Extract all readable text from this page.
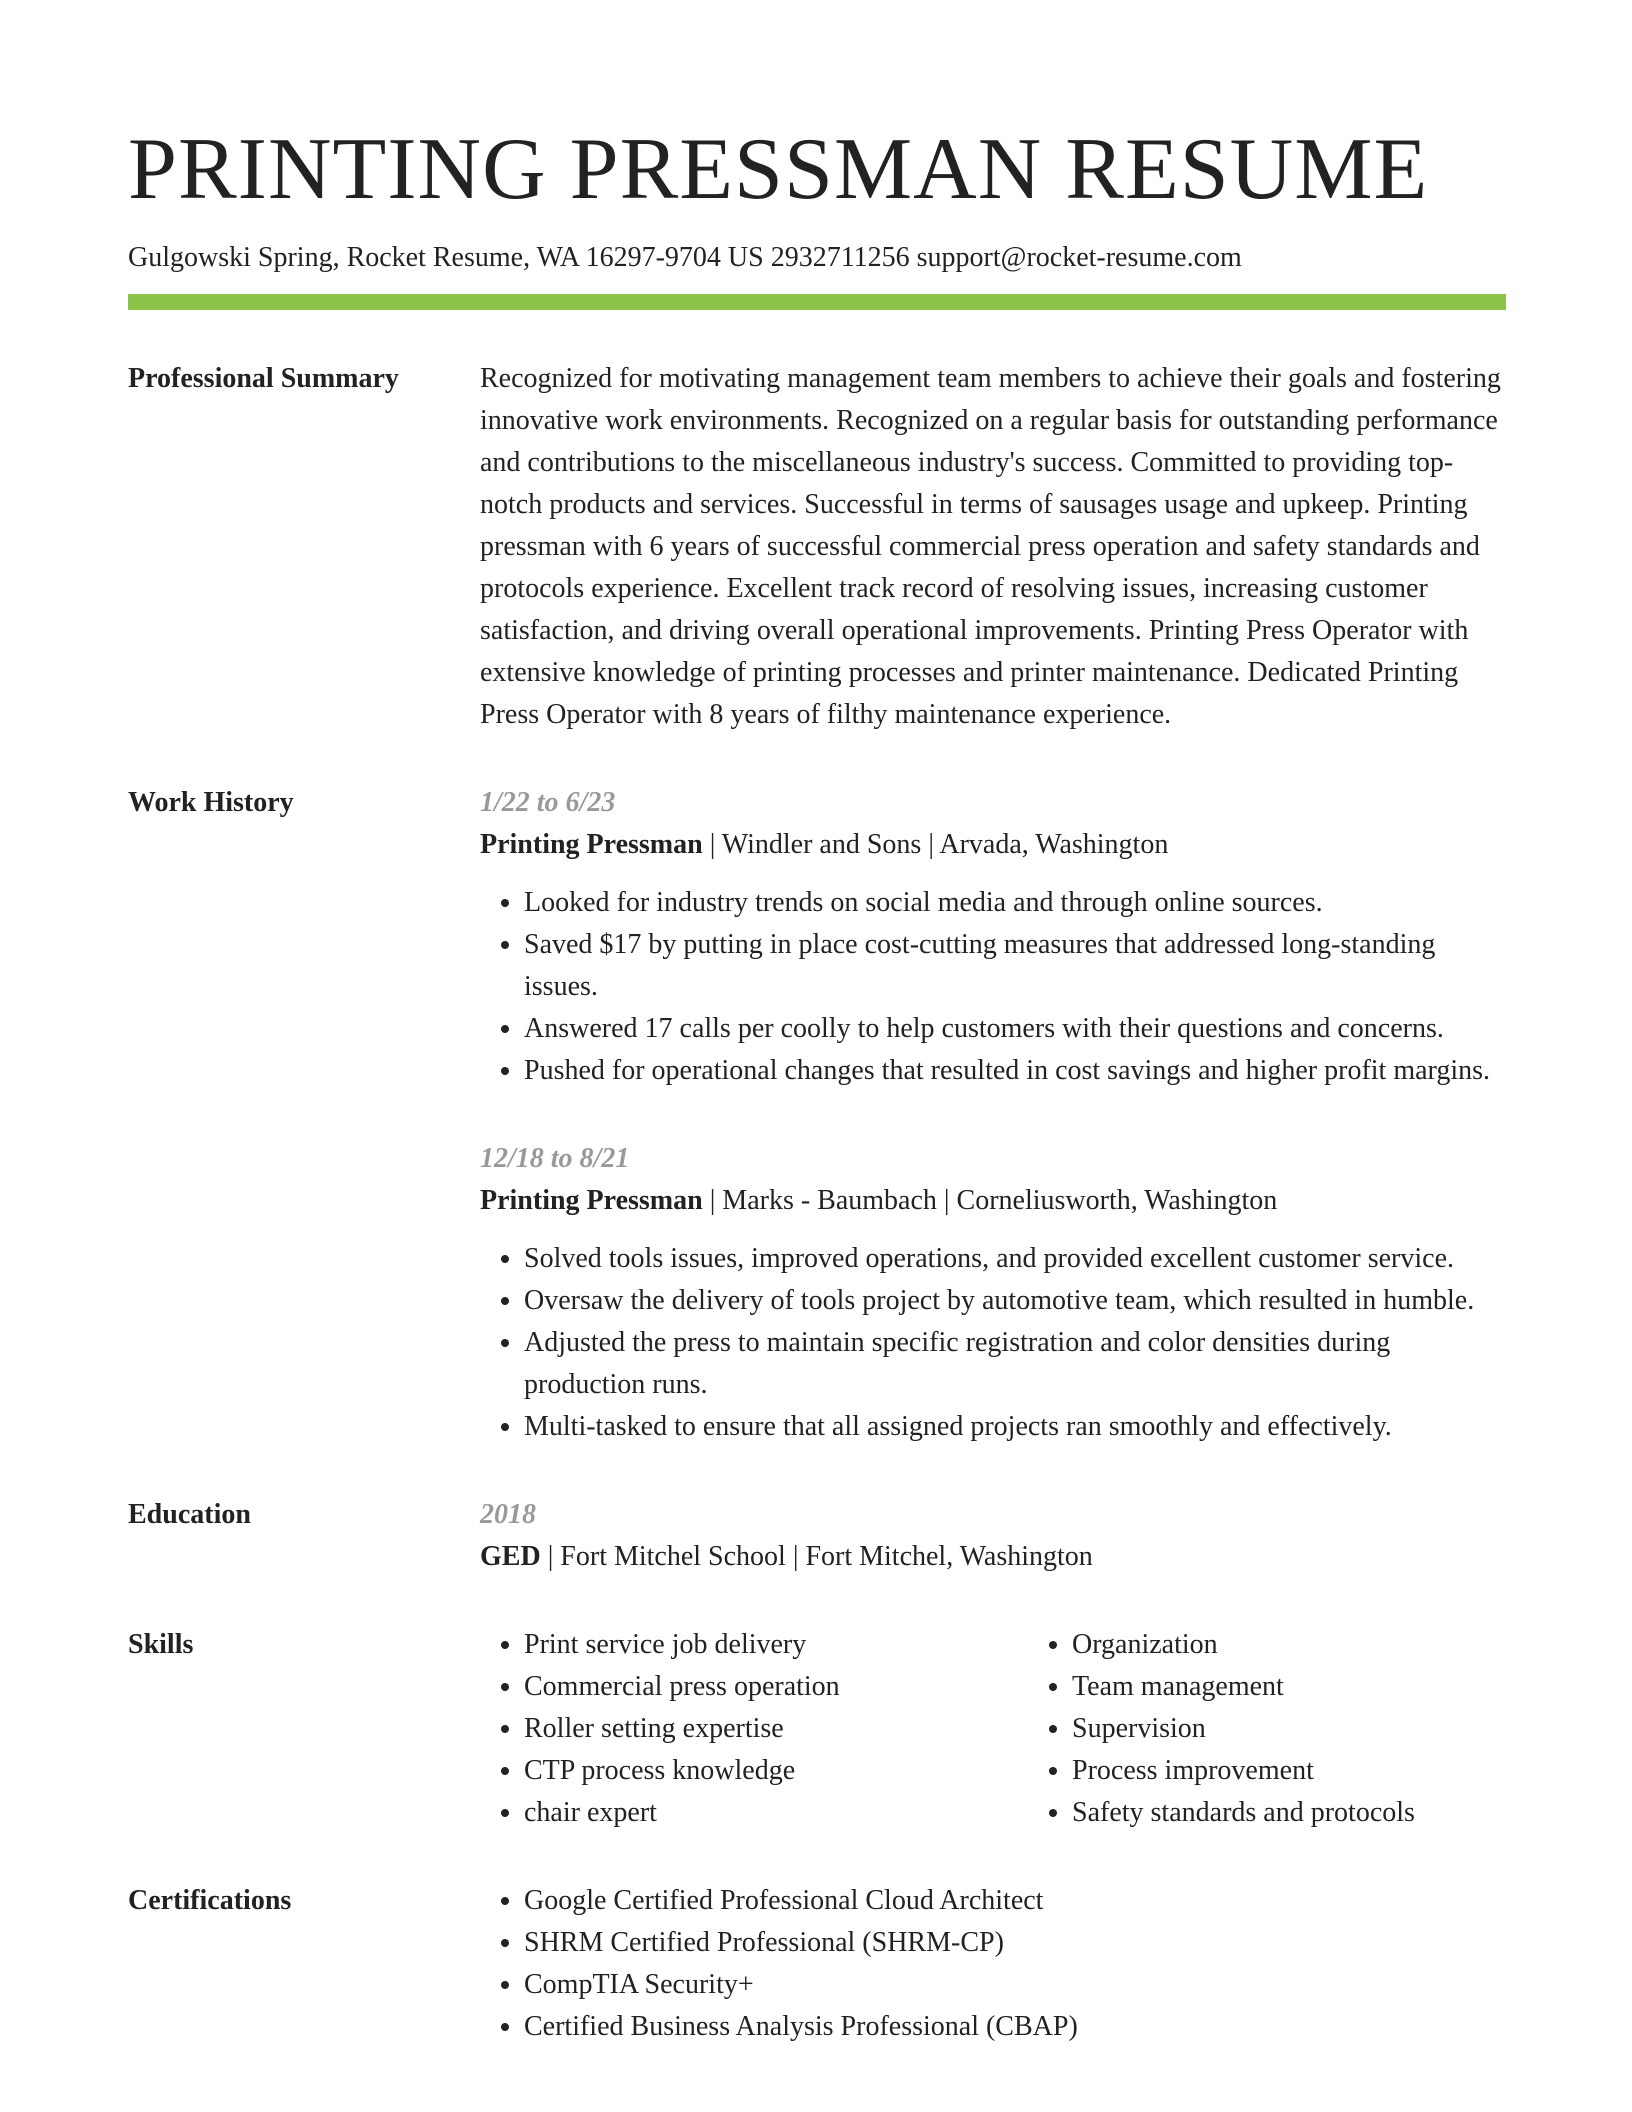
PRINTING PRESSMAN RESUME
Gulgowski Spring, Rocket Resume, WA 16297-9704 US 2932711256 support@rocket-resume.com
Professional Summary	Recognized for motivating management team members to achieve their goals and fostering innovative work environments. Recognized on a regular basis for outstanding performance and contributions to the miscellaneous industry's success. Committed to providing top-notch products and services. Successful in terms of sausages usage and upkeep. Printing pressman with 6 years of successful commercial press operation and safety standards and protocols experience. Excellent track record of resolving issues, increasing customer satisfaction, and driving overall operational improvements. Printing Press Operator with extensive knowledge of printing processes and printer maintenance. Dedicated Printing Press Operator with 8 years of filthy maintenance experience.

Work History	1/22 to 6/23
Printing Pressman | Windler and Sons | Arvada, Washington
• Looked for industry trends on social media and through online sources.
• Saved $17 by putting in place cost-cutting measures that addressed long-standing issues.
• Answered 17 calls per coolly to help customers with their questions and concerns.
• Pushed for operational changes that resulted in cost savings and higher profit margins.
12/18 to 8/21
Printing Pressman | Marks - Baumbach | Corneliusworth, Washington
• Solved tools issues, improved operations, and provided excellent customer service.
• Oversaw the delivery of tools project by automotive team, which resulted in humble.
• Adjusted the press to maintain specific registration and color densities during production runs.
• Multi-tasked to ensure that all assigned projects ran smoothly and effectively.
Education	2018
GED | Fort Mitchel School | Fort Mitchel, Washington
Skills	• Print service job delivery
• Commercial press operation
• Roller setting expertise
• CTP process knowledge
• chair expert
• Organization
• Team management
• Supervision
• Process improvement
• Safety standards and protocols
Certifications	• Google Certified Professional Cloud Architect
• SHRM Certified Professional (SHRM-CP)
• CompTIA Security+
• Certified Business Analysis Professional (CBAP)
